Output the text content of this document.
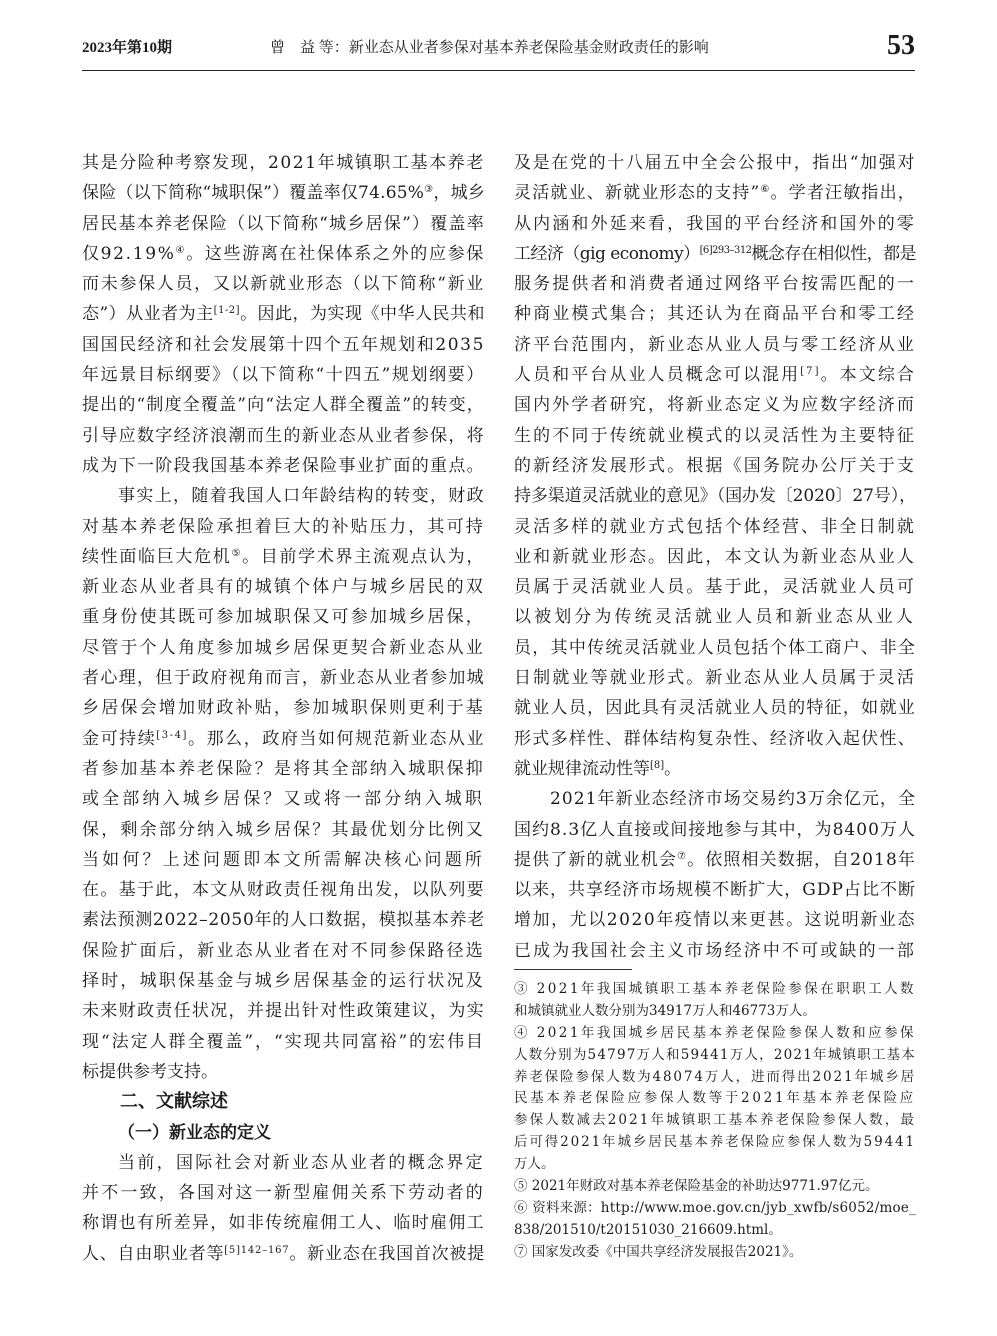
2023年第10期	曾　益 等：新业态从业者参保对基本养老保险基金财政责任的影响	53
其是分险种考察发现，2021年城镇职工基本养老
保险（以下简称“城职保”）覆盖率仅74.65%③，城乡
居民基本养老保险（以下简称“城乡居保”）覆盖率
仅92.19%④。这些游离在社保体系之外的应参保
而未参保人员，又以新就业形态（以下简称“新业
态”）从业者为主[1-2]。因此，为实现《中华人民共和
国国民经济和社会发展第十四个五年规划和2035
年远景目标纲要》（以下简称“十四五”规划纲要）
提出的“制度全覆盖”向“法定人群全覆盖”的转变，
引导应数字经济浪潮而生的新业态从业者参保，将
成为下一阶段我国基本养老保险事业扩面的重点。
事实上，随着我国人口年龄结构的转变，财政
对基本养老保险承担着巨大的补贴压力，其可持
续性面临巨大危机⑤。目前学术界主流观点认为，
新业态从业者具有的城镇个体户与城乡居民的双
重身份使其既可参加城职保又可参加城乡居保，
尽管于个人角度参加城乡居保更契合新业态从业
者心理，但于政府视角而言，新业态从业者参加城
乡居保会增加财政补贴，参加城职保则更利于基
金可持续[3-4]。那么，政府当如何规范新业态从业
者参加基本养老保险？是将其全部纳入城职保抑
或全部纳入城乡居保？又或将一部分纳入城职
保，剩余部分纳入城乡居保？其最优划分比例又
当如何？上述问题即本文所需解决核心问题所
在。基于此，本文从财政责任视角出发，以队列要
素法预测2022–2050年的人口数据，模拟基本养老
保险扩面后，新业态从业者在对不同参保路径选
择时，城职保基金与城乡居保基金的运行状况及
未来财政责任状况，并提出针对性政策建议，为实
现“法定人群全覆盖”，“实现共同富裕”的宏伟目
标提供参考支持。
二、文献综述
（一）新业态的定义
当前，国际社会对新业态从业者的概念界定
并不一致，各国对这一新型雇佣关系下劳动者的
称谓也有所差异，如非传统雇佣工人、临时雇佣工
人、自由职业者等$^{[5]142-167}$。新业态在我国首次被提
及是在党的十八届五中全会公报中，指出“加强对
灵活就业、新就业形态的支持”⑥。学者汪敏指出，
从内涵和外延来看，我国的平台经济和国外的零
工经济（gig economy）$^{[6]293-312}$概念存在相似性，都是
服务提供者和消费者通过网络平台按需匹配的一
种商业模式集合；其还认为在商品平台和零工经
济平台范围内，新业态从业人员与零工经济从业
人员和平台从业人员概念可以混用[7]。本文综合
国内外学者研究，将新业态定义为应数字经济而
生的不同于传统就业模式的以灵活性为主要特征
的新经济发展形式。根据《国务院办公厅关于支
持多渠道灵活就业的意见》（国办发〔2020〕27号），
灵活多样的就业方式包括个体经营、非全日制就
业和新就业形态。因此，本文认为新业态从业人
员属于灵活就业人员。基于此，灵活就业人员可
以被划分为传统灵活就业人员和新业态从业人
员，其中传统灵活就业人员包括个体工商户、非全
日制就业等就业形式。新业态从业人员属于灵活
就业人员，因此具有灵活就业人员的特征，如就业
形式多样性、群体结构复杂性、经济收入起伏性、
就业规律流动性等[8]。
2021年新业态经济市场交易约3万余亿元，全
国约8.3亿人直接或间接地参与其中，为8400万人
提供了新的就业机会⑦。依照相关数据，自2018年
以来，共享经济市场规模不断扩大，GDP占比不断
增加，尤以2020年疫情以来更甚。这说明新业态
已成为我国社会主义市场经济中不可或缺的一部
③ 2021年我国城镇职工基本养老保险参保在职职工人数
和城镇就业人数分别为34917万人和46773万人。
④ 2021年我国城乡居民基本养老保险参保人数和应参保
人数分别为54797万人和59441万人，2021年城镇职工基本
养老保险参保人数为48074万人，进而得出2021年城乡居
民基本养老保险应参保人数等于2021年基本养老保险应
参保人数减去2021年城镇职工基本养老保险参保人数，最
后可得2021年城乡居民基本养老保险应参保人数为59441
万人。
⑤ 2021年财政对基本养老保险基金的补助达9771.97亿元。
⑥ 资料来源：http://www.moe.gov.cn/jyb_xwfb/s6052/moe_
838/201510/t20151030_216609.html。
⑦ 国家发改委《中国共享经济发展报告2021》。
